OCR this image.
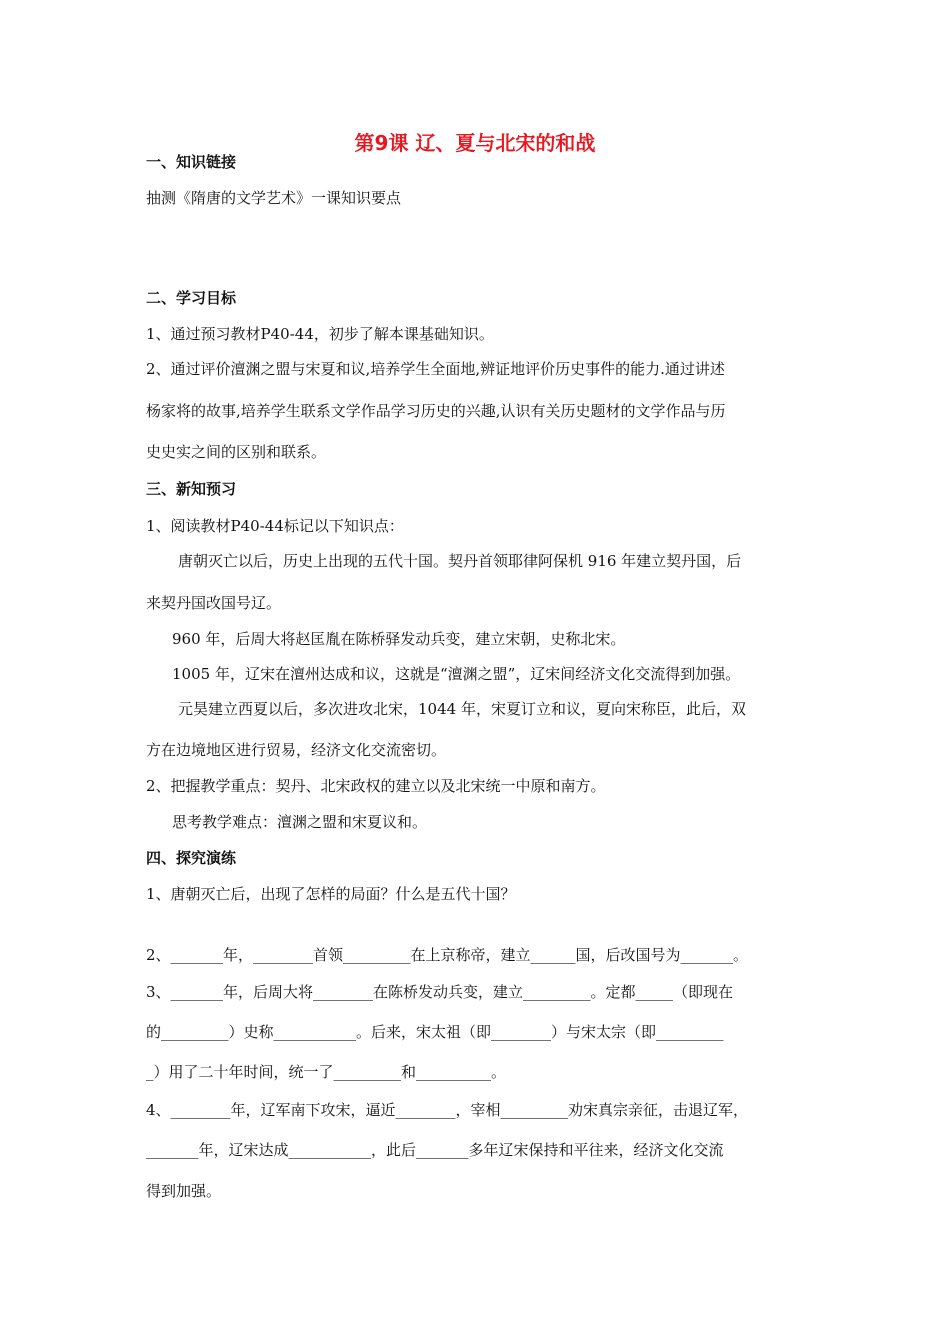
第9课 辽、夏与北宋的和战
一、知识链接
抽测《隋唐的文学艺术》一课知识要点
二、学习目标
1、通过预习教材P40-44，初步了解本课基础知识。
2、通过评价澶渊之盟与宋夏和议,培养学生全面地,辨证地评价历史事件的能力.通过讲述
杨家将的故事,培养学生联系文学作品学习历史的兴趣,认识有关历史题材的文学作品与历
史史实之间的区别和联系。
三、新知预习
1、阅读教材P40-44标记以下知识点：
唐朝灭亡以后，历史上出现的五代十国。契丹首领耶律阿保机 916 年建立契丹国，后
来契丹国改国号辽。
960 年，后周大将赵匡胤在陈桥驿发动兵变，建立宋朝，史称北宋。
1005 年，辽宋在澶州达成和议，这就是“澶渊之盟”，辽宋间经济文化交流得到加强。
元昊建立西夏以后，多次进攻北宋，1044 年，宋夏订立和议，夏向宋称臣，此后，双
方在边境地区进行贸易，经济文化交流密切。
2、把握教学重点：契丹、北宋政权的建立以及北宋统一中原和南方。
思考教学难点：澶渊之盟和宋夏议和。
四、探究演练
1、唐朝灭亡后，出现了怎样的局面？什么是五代十国？
2、_______年，________首领_________在上京称帝，建立______国，后改国号为_______。
3、_______年，后周大将________在陈桥发动兵变，建立_________。定都_____（即现在
的_________）史称___________。后来，宋太祖（即________）与宋太宗（即_________
_）用了二十年时间，统一了_________和__________。
4、________年，辽军南下攻宋，逼近________，宰相_________劝宋真宗亲征，击退辽军，
_______年，辽宋达成___________，此后_______多年辽宋保持和平往来，经济文化交流
得到加强。
